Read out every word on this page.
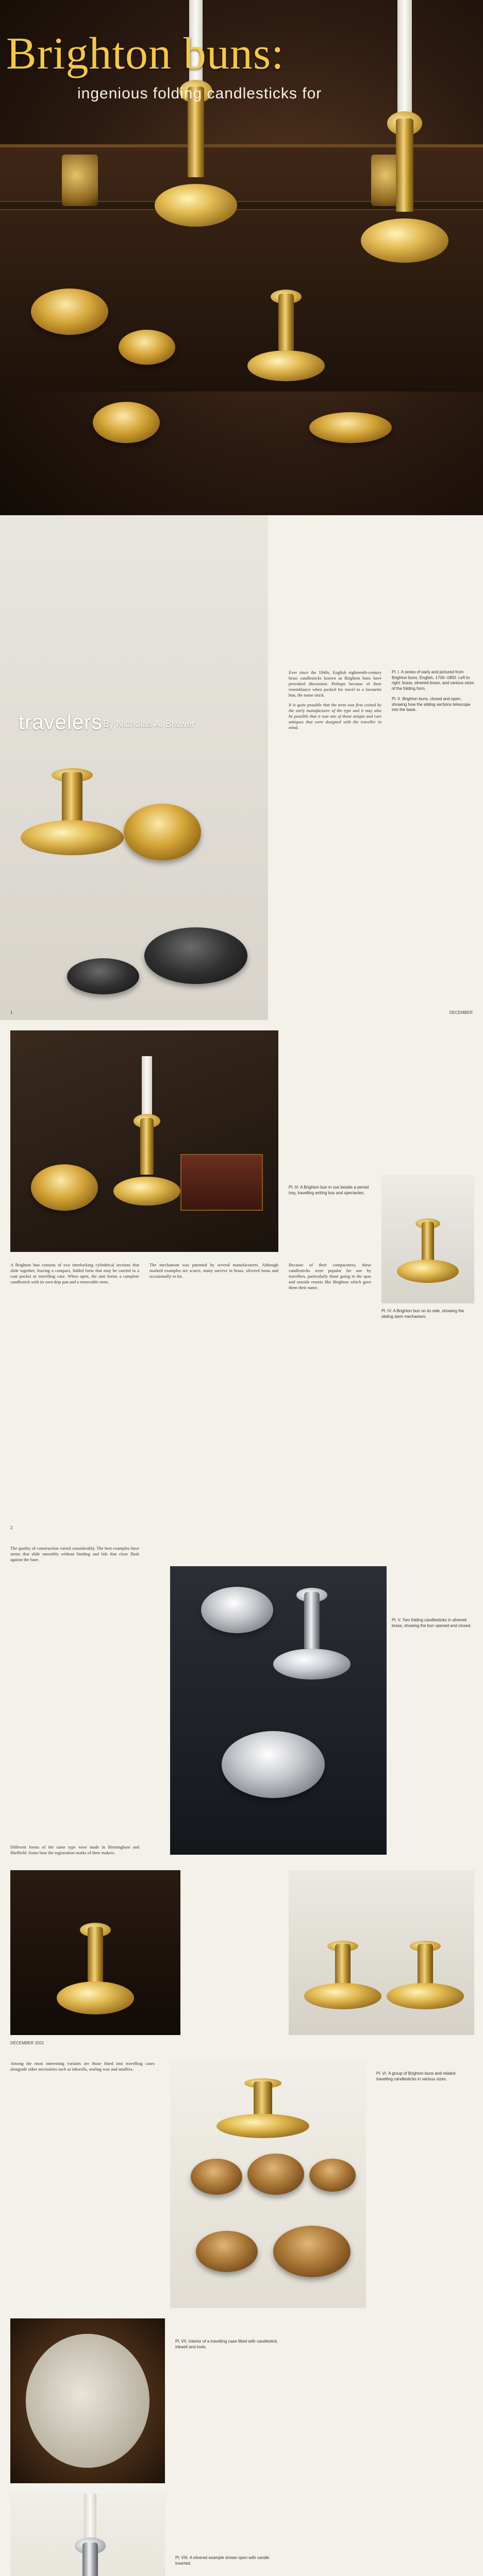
Brighton buns:
ingenious folding candlesticks for
travelers By Nicholas A. Brawer

Ever since the 1840s, English eighteenth-century brass candlesticks known as Brighton buns have provoked discussion. Perhaps because of their resemblance when packed for travel to a favourite bun, the name stuck.

It is quite possible that the term was first coined by the early manufacturer of the type and it may also be possible that it was one of those unique and rare antiques that were designed with the traveller in mind.

Pl. I. A series of early and pictured from Brighton buns, English, 1700–1850. Left to right: brass, silvered brass, and various sizes of the folding form.

Pl. II. Brighton buns, closed and open, showing how the sliding sections telescope into the base.

1	DECEMBER

Pl. III. A Brighton bun in use beside a period tray, travelling writing box and spectacles.

A Brighton bun consists of two interlocking cylindrical sections that slide together, leaving a compact, lidded form that may be carried in a coat pocket or travelling case. When open, the unit forms a complete candlestick with its own drip pan and a removable stem.

The mechanism was patented by several manufacturers. Although marked examples are scarce, many survive in brass, silvered brass and occasionally in tin.

Because of their compactness, these candlesticks were popular for use by travellers, particularly those going to the spas and seaside resorts like Brighton which gave them their name.

Pl. IV. A Brighton bun on its side, showing the sliding stem mechanism.

2

The quality of construction varied considerably. The best examples have stems that slide smoothly without binding and lids that close flush against the base.

Different forms of the same type were made in Birmingham and Sheffield. Some bear the registration marks of their makers.

Pl. V. Two folding candlesticks in silvered brass, showing the bun opened and closed.

DECEMBER 2001

Among the most interesting variants are those fitted into travelling cases alongside other necessities such as inkwells, sealing wax and snuffers.

Pl. VI. A group of Brighton buns and related travelling candlesticks in various sizes.

Pl. VII. Interior of a travelling case fitted with candlestick, inkwell and tools.

Pl. VIII. A silvered example shown open with candle inserted.
